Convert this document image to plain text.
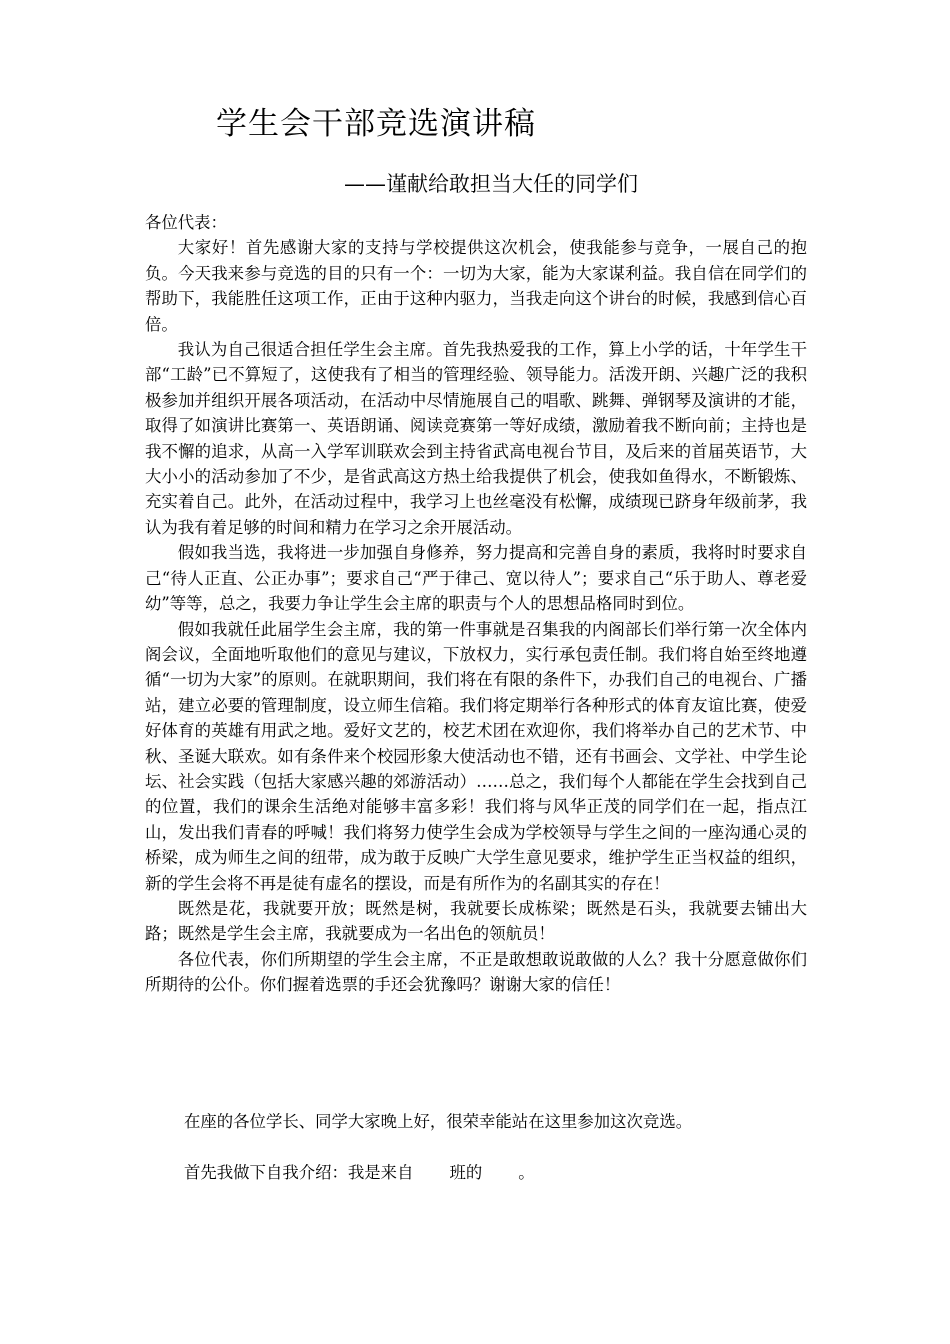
学生会干部竞选演讲稿
——谨献给敢担当大任的同学们

各位代表：

大家好！首先感谢大家的支持与学校提供这次机会，使我能参与竞争，一展自己的抱负。今天我来参与竞选的目的只有一个：一切为大家，能为大家谋利益。我自信在同学们的帮助下，我能胜任这项工作，正由于这种内驱力，当我走向这个讲台的时候，我感到信心百倍。

我认为自己很适合担任学生会主席。首先我热爱我的工作，算上小学的话，十年学生干部“工龄”已不算短了，这使我有了相当的管理经验、领导能力。活泼开朗、兴趣广泛的我积极参加并组织开展各项活动，在活动中尽情施展自己的唱歌、跳舞、弹钢琴及演讲的才能，取得了如演讲比赛第一、英语朗诵、阅读竞赛第一等好成绩，激励着我不断向前；主持也是我不懈的追求，从高一入学军训联欢会到主持省武高电视台节目，及后来的首届英语节，大大小小的活动参加了不少，是省武高这方热土给我提供了机会，使我如鱼得水，不断锻炼、充实着自己。此外，在活动过程中，我学习上也丝毫没有松懈，成绩现已跻身年级前茅，我认为我有着足够的时间和精力在学习之余开展活动。

假如我当选，我将进一步加强自身修养，努力提高和完善自身的素质，我将时时要求自己“待人正直、公正办事”；要求自己“严于律己、宽以待人”；要求自己“乐于助人、尊老爱幼”等等，总之，我要力争让学生会主席的职责与个人的思想品格同时到位。

假如我就任此届学生会主席，我的第一件事就是召集我的内阁部长们举行第一次全体内阁会议，全面地听取他们的意见与建议，下放权力，实行承包责任制。我们将自始至终地遵循“一切为大家”的原则。在就职期间，我们将在有限的条件下，办我们自己的电视台、广播站，建立必要的管理制度，设立师生信箱。我们将定期举行各种形式的体育友谊比赛，使爱好体育的英雄有用武之地。爱好文艺的，校艺术团在欢迎你，我们将举办自己的艺术节、中秋、圣诞大联欢。如有条件来个校园形象大使活动也不错，还有书画会、文学社、中学生论坛、社会实践（包括大家感兴趣的郊游活动）……总之，我们每个人都能在学生会找到自己的位置，我们的课余生活绝对能够丰富多彩！我们将与风华正茂的同学们在一起，指点江山，发出我们青春的呼喊！我们将努力使学生会成为学校领导与学生之间的一座沟通心灵的桥梁，成为师生之间的纽带，成为敢于反映广大学生意见要求，维护学生正当权益的组织，新的学生会将不再是徒有虚名的摆设，而是有所作为的名副其实的存在！

既然是花，我就要开放；既然是树，我就要长成栋梁；既然是石头，我就要去铺出大路；既然是学生会主席，我就要成为一名出色的领航员！

各位代表，你们所期望的学生会主席，不正是敢想敢说敢做的人么？我十分愿意做你们所期待的公仆。你们握着选票的手还会犹豫吗？谢谢大家的信任！

在座的各位学长、同学大家晚上好，很荣幸能站在这里参加这次竞选。

首先我做下自我介绍：我是来自 班的 。
